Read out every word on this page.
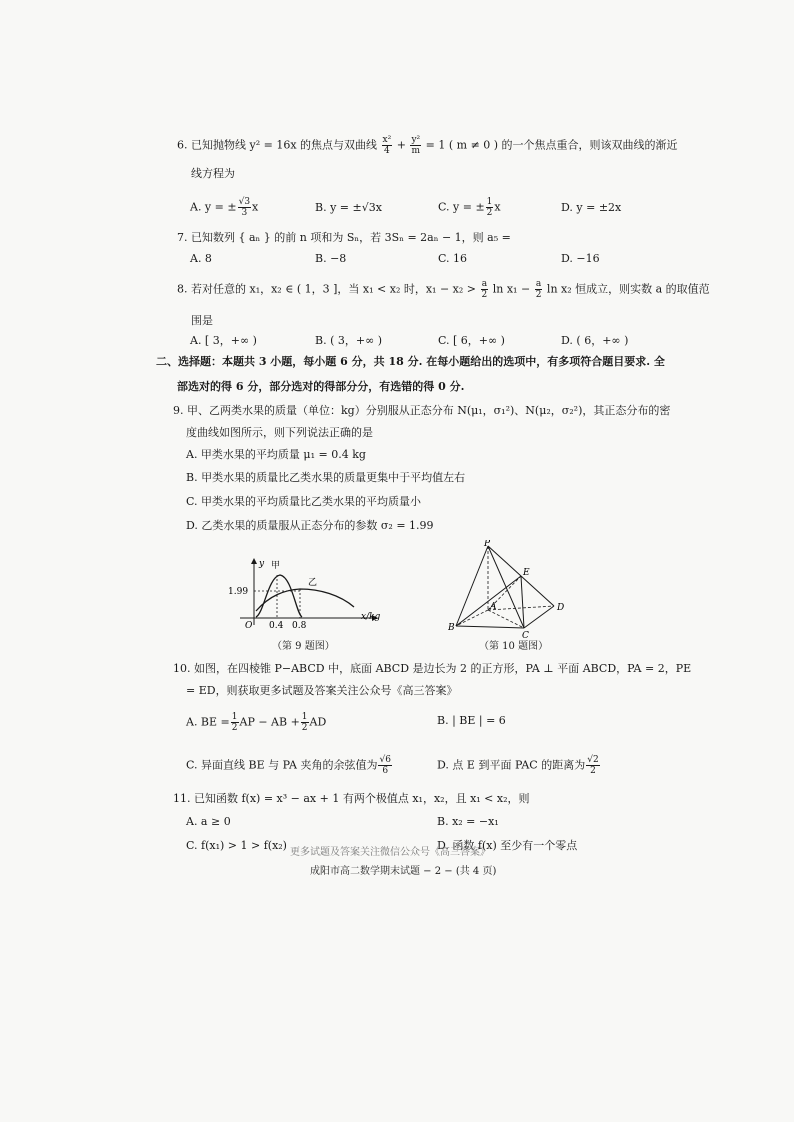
6. 已知抛物线 y² = 16x 的焦点与双曲线 $\frac{\text{x²}}{4} + \frac{\text{y²}}{m} = 1$ ( m ≠ 0 ) 的一个焦点重合，则该双曲线的渐近
线方程为
A. y = ± $\frac{√3}{3}$ x	B. y = ±√3x	C. y = ± $\frac{1}{2}$ x	D. y = ±2x
7. 已知数列 { aₙ } 的前 n 项和为 Sₙ，若 3Sₙ = 2aₙ − 1，则 a₅ =
A. 8	B. −8	C. 16	D. −16
8. 若对任意的 x₁，x₂ ∈ ( 1，3 ]，当 x₁ < x₂ 时，$x_1 - x_2 > \frac{a}{2}$ $\ln x_1 - \frac{a}{2}$ ln x₂ 恒成立，则实数 a 的取值范
围是
A. [ 3，+∞ )	B. ( 3，+∞ )	C. [ 6，+∞ )	D. ( 6，+∞ )
二、选择题：本题共 3 小题，每小题 6 分，共 18 分. 在每小题给出的选项中，有多项符合题目要求. 全
部选对的得 6 分，部分选对的得部分分，有选错的得 0 分.
9. 甲、乙两类水果的质量（单位：kg）分别服从正态分布 N(μ₁，σ₁²)、N(μ₂，σ₂²)，其正态分布的密
度曲线如图所示，则下列说法正确的是
A. 甲类水果的平均质量 μ₁ = 0.4 kg
B. 甲类水果的质量比乙类水果的质量更集中于平均值左右
C. 甲类水果的平均质量比乙类水果的平均质量小
D. 乙类水果的质量服从正态分布的参数 σ₂ = 1.99
y 甲
乙
1.99
O 0.4 0.8
x/kg
（第 9 题图）
P
E
A	D
B
C
（第 10 题图）
10. 如图，在四棱锥 P−ABCD 中，底面 ABCD 是边长为 2 的正方形，PA ⊥ 平面 ABCD，PA = 2，PE
= ED，则获取更多试题及答案关注公众号《高三答案》
A. BE = $\frac{1}{2}$ AP − AB + $\frac{1}{2}$ AD	B. | BE | = 6
C. 异面直线 BE 与 PA 夹角的余弦值为 $\frac{√6}{6}$	D. 点 E 到平面 PAC 的距离为 $\frac{√2}{2}$
11. 已知函数 f(x) = x³ − ax + 1 有两个极值点 x₁，x₂，且 x₁ < x₂，则
A. a ≥ 0	B. x₂ = −x₁
C. f(x₁) > 1 > f(x₂)	D. 函数 f(x) 至少有一个零点
更多试题及答案关注微信公众号《高三答案》
成阳市高二数学期末试题 − 2 − (共 4 页)
